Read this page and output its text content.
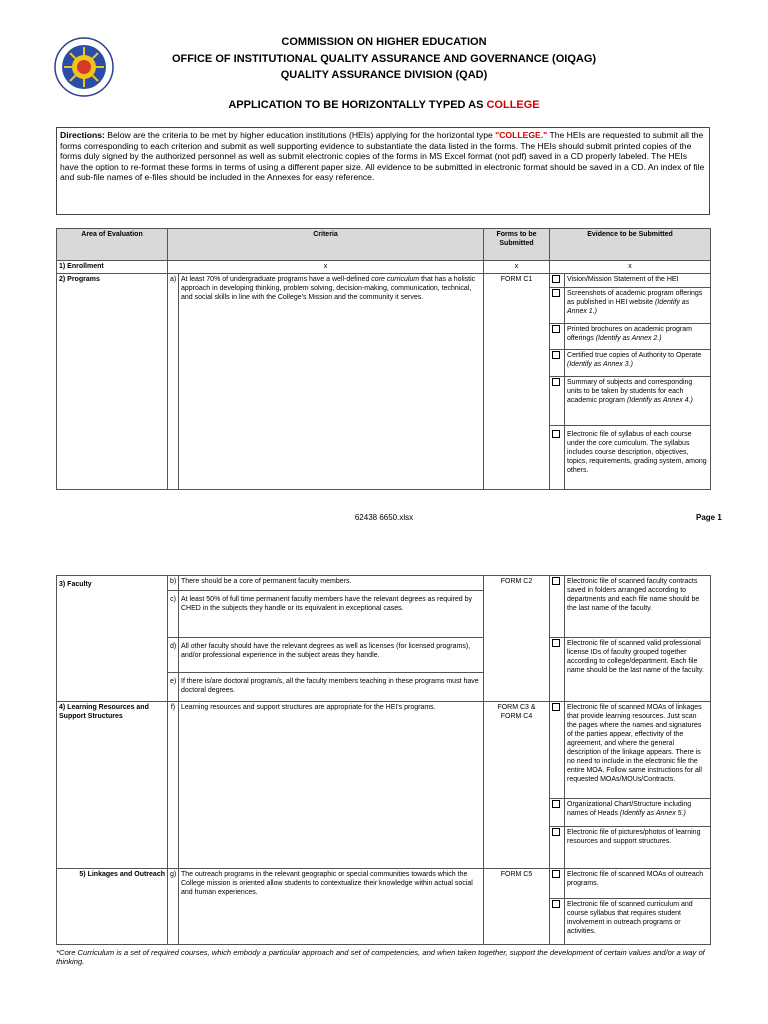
COMMISSION ON HIGHER EDUCATION
OFFICE OF INSTITUTIONAL QUALITY ASSURANCE AND GOVERNANCE (OIQAG)
QUALITY ASSURANCE DIVISION (QAD)
APPLICATION TO BE HORIZONTALLY TYPED AS COLLEGE
Directions: Below are the criteria to be met by higher education institutions (HEIs) applying for the horizontal type "COLLEGE." The HEIs are requested to submit all the forms corresponding to each criterion and submit as well supporting evidence to substantiate the data listed in the forms. The HEIs should submit printed copies of the forms duly signed by the authorized personnel as well as submit electronic copies of the forms in MS Excel format (not pdf) saved in a CD properly labeled. The HEIs have the option to re-format these forms in terms of using a different paper size. All evidence to be submitted in electronic format should be saved in a CD. An index of file and sub-file names of e-files should be included in the Annexes for easy reference.
Area of Evaluation	Criteria		Forms to be Submitted	Evidence to be Submitted	
1) Enrollment	x		x	x	
2) Programs	a)	At least 70% of undergraduate programs have a well-defined core curriculum that has a holistic approach in developing thinking, problem solving, decision-making, communication, technical, and social skills in line with the College's Mission and the community it serves.	FORM C1		Vision/Mission Statement of the HEI
					Screenshots of academic program offerings as published in HEI website (Identify as Annex 1.)
					Printed brochures on academic program offerings (Identify as Annex 2.)
					Certified true copies of Authority to Operate (Identify as Annex 3.)
					Summary of subjects and corresponding units to be taken by students for each academic program (Identify as Annex 4.)
					Electronic file of syllabus of each course under the core curriculum. The syllabus includes course description, objectives, topics, requirements, grading system, among others.
62438 6650.xlsx	Page 1
3) Faculty	b)	There should be a core of permanent faculty members.	FORM C2		Electronic file of scanned faculty contracts saved in folders arranged according to departments and each file name should be the last name of the faculty.
	c)	At least 50% of full time permanent faculty members have the relevant degrees as required by CHED in the subjects they handle or its equivalent in exceptional cases.			
	d)	All other faculty should have the relevant degrees as well as licenses (for licensed programs), and/or professional experience in the subject areas they handle.			Electronic file of scanned valid professional license IDs of faculty grouped together according to college/department. Each file name should be the last name of the faculty.
	e)	If there is/are doctoral program/s, all the faculty members teaching in these programs must have doctoral degrees.			
4) Learning Resources and Support Structures	f)	Learning resources and support structures are appropriate for the HEI's programs.	FORM C3 & FORM C4		Electronic file of scanned MOAs of linkages that provide learning resources. Just scan the pages where the names and signatures of the parties appear, effectivity of the agreement, and where the general description of the linkage appears. There is no need to include in the electronic file the entire MOA. Follow same instructions for all requested MOAs/MOUs/Contracts.
					Organizational Chart/Structure including names of Heads (Identify as Annex 5.)
					Electronic file of pictures/photos of learning resources and support structures.
5) Linkages and Outreach	g)	The outreach programs in the relevant geographic or special communities towards which the College mission is oriented allow students to contextualize their knowledge within actual social and human experiences.	FORM C5		Electronic file of scanned MOAs of outreach programs.
					Electronic file of scanned curriculum and course syllabus that requires student involvement in outreach programs or activities.
*Core Curriculum is a set of required courses, which embody a particular approach and set of competencies, and when taken together, support the development of certain values and/or a way of thinking.
